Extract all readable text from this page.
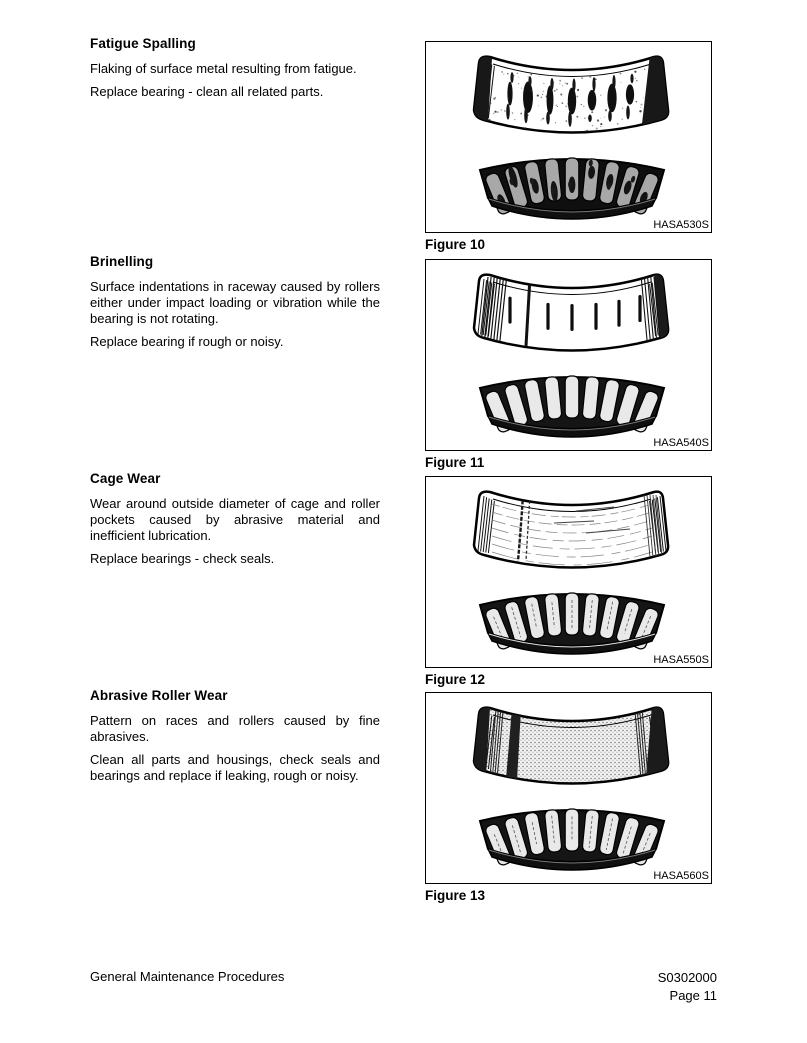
Fatigue Spalling

Flaking of surface metal resulting from fatigue.

Replace bearing - clean all related parts.

Brinelling

Surface indentations in raceway caused by rollers either under impact loading or vibration while the bearing is not rotating.

Replace bearing if rough or noisy.

Cage Wear

Wear around outside diameter of cage and roller pockets caused by abrasive material and inefficient lubrication.

Replace bearings - check seals.

Abrasive Roller Wear

Pattern on races and rollers caused by fine abrasives.

Clean all parts and housings, check seals and bearings and replace if leaking, rough or noisy.

HASA530S
Figure 10
HASA540S
Figure 11
HASA550S
Figure 12
HASA560S
Figure 13
General Maintenance Procedures	S0302000
Page 11
